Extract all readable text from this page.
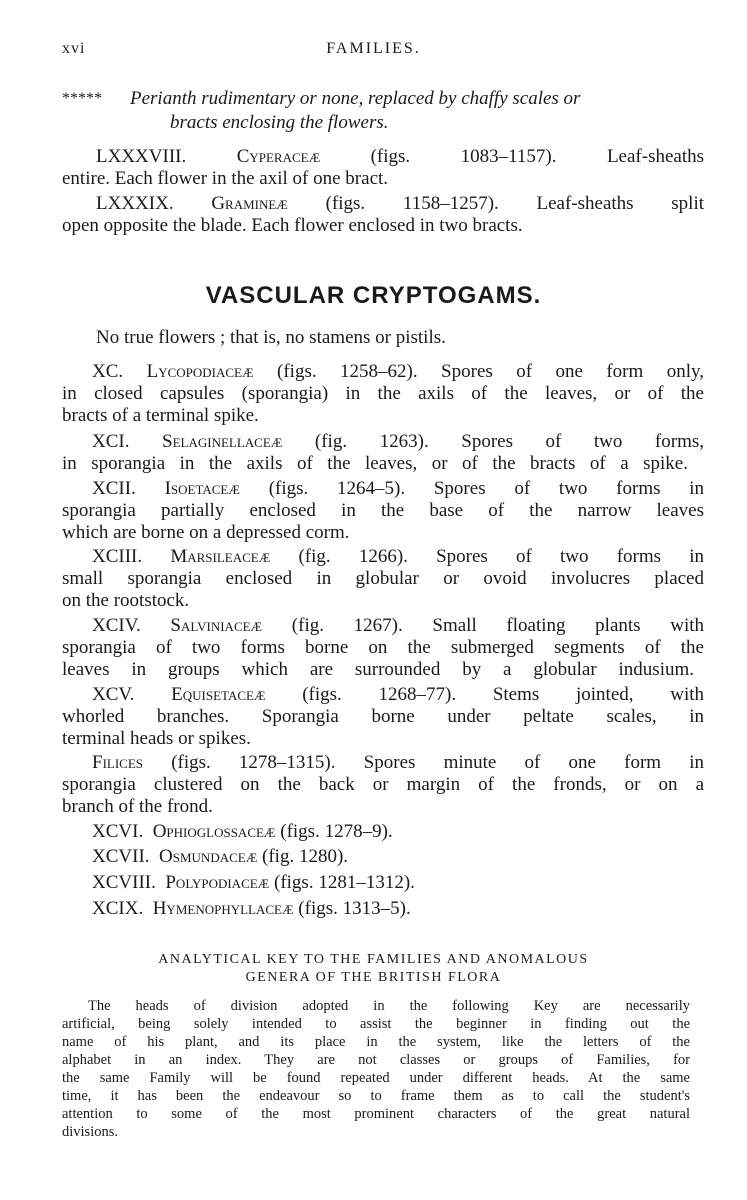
xvi	FAMILIES.
***** Perianth rudimentary or none, replaced by chaffy scales or
bracts enclosing the flowers.
LXXXVIII.	Cyperaceæ	(figs. 1083–1157). Leaf-sheaths
entire. Each flower in the axil of one bract.
LXXXIX. Gramineæ (figs. 1158–1257). Leaf-sheaths split
open opposite the blade. Each flower enclosed in two bracts.
VASCULAR CRYPTOGAMS.
No true flowers ; that is, no stamens or pistils.
XC. Lycopodiaceæ (figs. 1258–62). Spores of one form only,
in closed capsules (sporangia) in the axils of the leaves, or of the
bracts of a terminal spike.
XCI. Selaginellaceæ (fig. 1263). Spores of two forms,
in sporangia in the axils of the leaves, or of the bracts of a spike.
XCII. Isoetaceæ (figs. 1264–5). Spores of two forms in
sporangia partially enclosed in the base of the narrow leaves
which are borne on a depressed corm.
XCIII. Marsileaceæ (fig. 1266). Spores of two forms in
small sporangia enclosed in globular or ovoid involucres placed
on the rootstock.
XCIV. Salviniaceæ (fig. 1267). Small floating plants with
sporangia of two forms borne on the submerged segments of the
leaves in groups which are surrounded by a globular indusium.
XCV. Equisetaceæ (figs. 1268–77). Stems jointed, with
whorled branches. Sporangia borne under peltate scales, in
terminal heads or spikes.
Filices (figs. 1278–1315). Spores minute of one form in
sporangia clustered on the back or margin of the fronds, or on a
branch of the frond.
XCVI. Ophioglossaceæ (figs. 1278–9).
XCVII. Osmundaceæ (fig. 1280).
XCVIII. Polypodiaceæ (figs. 1281–1312).
XCIX. Hymenophyllaceæ (figs. 1313–5).
ANALYTICAL KEY TO THE FAMILIES AND ANOMALOUS
GENERA OF THE BRITISH FLORA
The heads of division adopted in the following Key are necessarily
artificial, being solely intended to assist the beginner in finding out the
name of his plant, and its place in the system, like the letters of the
alphabet in an index. They are not classes or groups of Families, for
the same Family will be found repeated under different heads. At the same
time, it has been the endeavour so to frame them as to call the student's
attention to some of the most prominent characters of the great natural
divisions.
